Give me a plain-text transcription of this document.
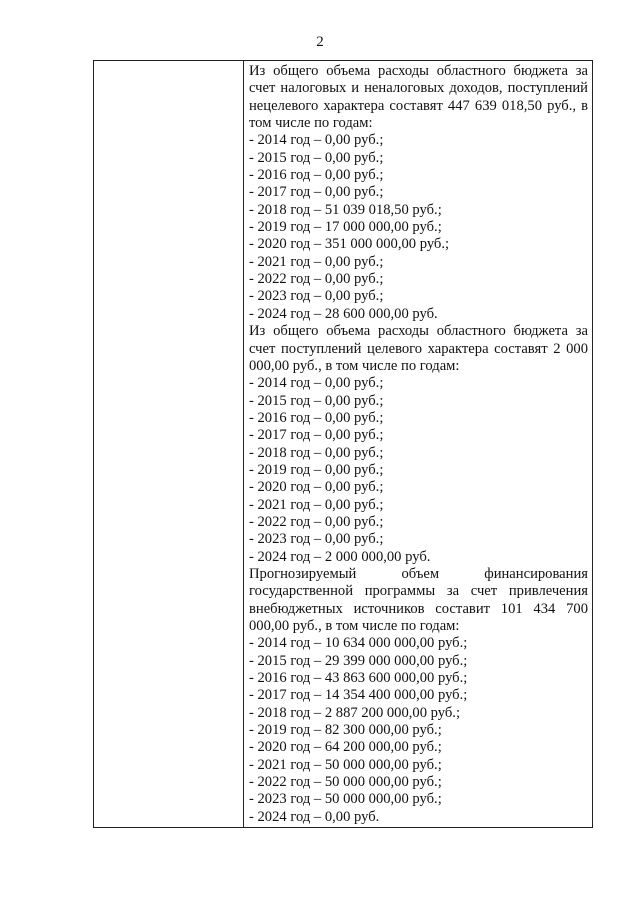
2
Из общего объема расходы областного бюджета за счет налоговых и неналоговых доходов, поступлений нецелевого характера составят 447 639 018,50 руб., в том числе по годам:
- 2014 год – 0,00 руб.;
- 2015 год – 0,00 руб.;
- 2016 год – 0,00 руб.;
- 2017 год – 0,00 руб.;
- 2018 год – 51 039 018,50 руб.;
- 2019 год – 17 000 000,00 руб.;
- 2020 год – 351 000 000,00 руб.;
- 2021 год – 0,00 руб.;
- 2022 год – 0,00 руб.;
- 2023 год – 0,00 руб.;
- 2024 год – 28 600 000,00 руб.
Из общего объема расходы областного бюджета за счет поступлений целевого характера составят 2 000 000,00 руб., в том числе по годам:
- 2014 год – 0,00 руб.;
- 2015 год – 0,00 руб.;
- 2016 год – 0,00 руб.;
- 2017 год – 0,00 руб.;
- 2018 год – 0,00 руб.;
- 2019 год – 0,00 руб.;
- 2020 год – 0,00 руб.;
- 2021 год – 0,00 руб.;
- 2022 год – 0,00 руб.;
- 2023 год – 0,00 руб.;
- 2024 год – 2 000 000,00 руб.
Прогнозируемый объем финансирования государственной программы за счет привлечения внебюджетных источников составит 101 434 700 000,00 руб., в том числе по годам:
- 2014 год – 10 634 000 000,00 руб.;
- 2015 год – 29 399 000 000,00 руб.;
- 2016 год – 43 863 600 000,00 руб.;
- 2017 год – 14 354 400 000,00 руб.;
- 2018 год – 2 887 200 000,00 руб.;
- 2019 год – 82 300 000,00 руб.;
- 2020 год – 64 200 000,00 руб.;
- 2021 год – 50 000 000,00 руб.;
- 2022 год – 50 000 000,00 руб.;
- 2023 год – 50 000 000,00 руб.;
- 2024 год – 0,00 руб.
